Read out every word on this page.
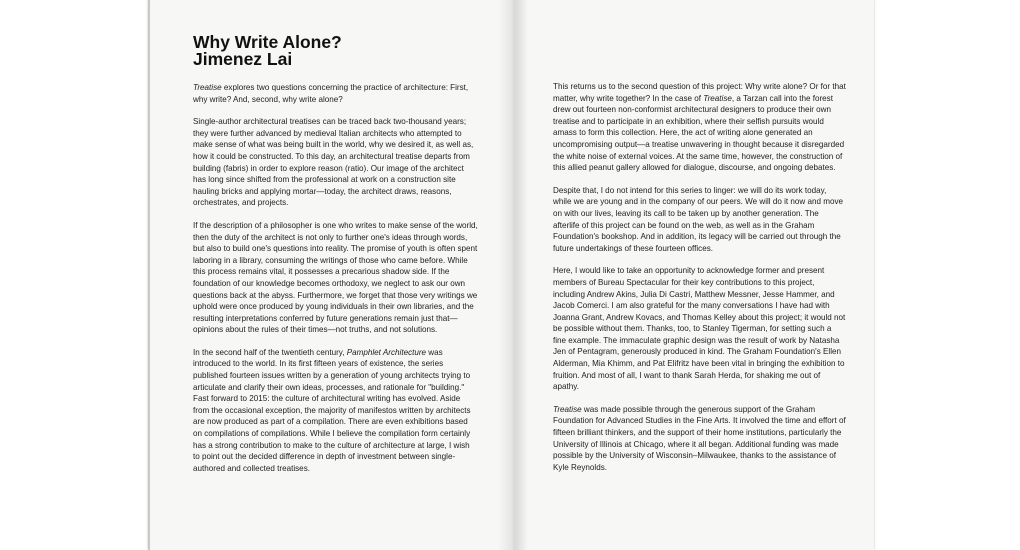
Why Write Alone?
Jimenez Lai

Treatise explores two questions concerning the practice of architecture: First, why write? And, second, why write alone?

Single-author architectural treatises can be traced back two-thousand years; they were further advanced by medieval Italian architects who attempted to make sense of what was being built in the world, why we desired it, as well as, how it could be constructed. To this day, an architectural treatise departs from building (fabris) in order to explore reason (ratio). Our image of the architect has long since shifted from the professional at work on a construction site hauling bricks and applying mortar—today, the architect draws, reasons, orchestrates, and projects.

If the description of a philosopher is one who writes to make sense of the world, then the duty of the architect is not only to further one's ideas through words, but also to build one's questions into reality. The promise of youth is often spent laboring in a library, consuming the writings of those who came before. While this process remains vital, it possesses a precarious shadow side. If the foundation of our knowledge becomes orthodoxy, we neglect to ask our own questions back at the abyss. Furthermore, we forget that those very writings we uphold were once produced by young individuals in their own libraries, and the resulting interpretations conferred by future generations remain just that—opinions about the rules of their times—not truths, and not solutions.

In the second half of the twentieth century, Pamphlet Architecture was introduced to the world. In its first fifteen years of existence, the series published fourteen issues written by a generation of young architects trying to articulate and clarify their own ideas, processes, and rationale for "building." Fast forward to 2015: the culture of architectural writing has evolved. Aside from the occasional exception, the majority of manifestos written by architects are now produced as part of a compilation. There are even exhibitions based on compilations of compilations. While I believe the compilation form certainly has a strong contribution to make to the culture of architecture at large, I wish to point out the decided difference in depth of investment between single-authored and collected treatises.

This returns us to the second question of this project: Why write alone? Or for that matter, why write together? In the case of Treatise, a Tarzan call into the forest drew out fourteen non-conformist architectural designers to produce their own treatise and to participate in an exhibition, where their selfish pursuits would amass to form this collection. Here, the act of writing alone generated an uncompromising output—a treatise unwavering in thought because it disregarded the white noise of external voices. At the same time, however, the construction of this allied peanut gallery allowed for dialogue, discourse, and ongoing debates.

Despite that, I do not intend for this series to linger: we will do its work today, while we are young and in the company of our peers. We will do it now and move on with our lives, leaving its call to be taken up by another generation. The afterlife of this project can be found on the web, as well as in the Graham Foundation's bookshop. And in addition, its legacy will be carried out through the future undertakings of these fourteen offices.

Here, I would like to take an opportunity to acknowledge former and present members of Bureau Spectacular for their key contributions to this project, including Andrew Akins, Julia Di Castri, Matthew Messner, Jesse Hammer, and Jacob Comerci. I am also grateful for the many conversations I have had with Joanna Grant, Andrew Kovacs, and Thomas Kelley about this project; it would not be possible without them. Thanks, too, to Stanley Tigerman, for setting such a fine example. The immaculate graphic design was the result of work by Natasha Jen of Pentagram, generously produced in kind. The Graham Foundation's Ellen Alderman, Mia Khimm, and Pat Elifritz have been vital in bringing the exhibition to fruition. And most of all, I want to thank Sarah Herda, for shaking me out of apathy.

Treatise was made possible through the generous support of the Graham Foundation for Advanced Studies in the Fine Arts. It involved the time and effort of fifteen brilliant thinkers, and the support of their home institutions, particularly the University of Illinois at Chicago, where it all began. Additional funding was made possible by the University of Wisconsin–Milwaukee, thanks to the assistance of Kyle Reynolds.
